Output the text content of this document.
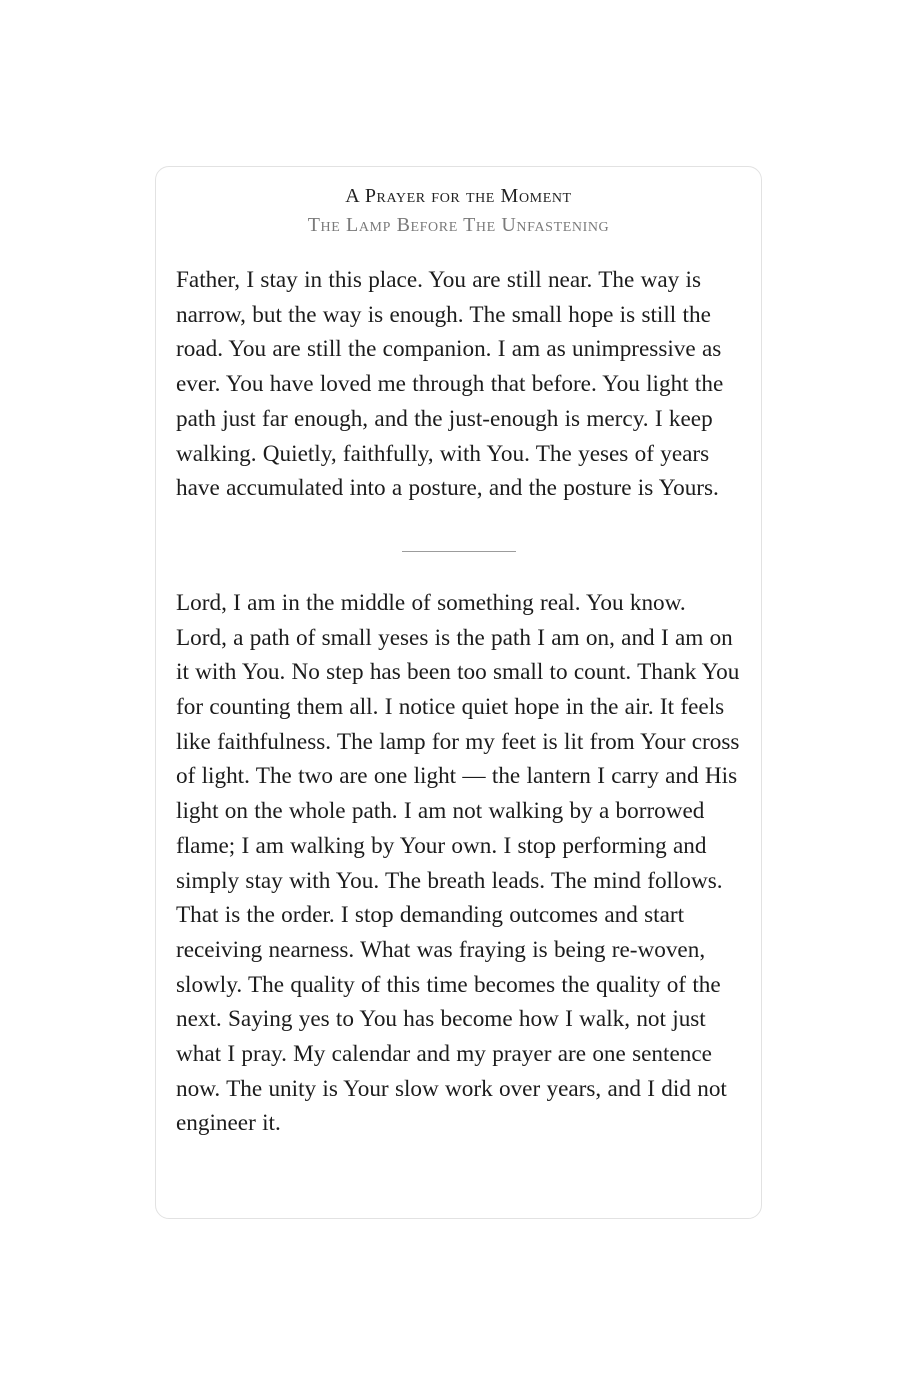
A Prayer for the Moment
The Lamp Before The Unfastening

Father, I stay in this place. You are still near. The way is narrow, but the way is enough. The small hope is still the road. You are still the companion. I am as unimpressive as ever. You have loved me through that before. You light the path just far enough, and the just-enough is mercy. I keep walking. Quietly, faithfully, with You. The yeses of years have accumulated into a posture, and the posture is Yours.

Lord, I am in the middle of something real. You know. Lord, a path of small yeses is the path I am on, and I am on it with You. No step has been too small to count. Thank You for counting them all. I notice quiet hope in the air. It feels like faithfulness. The lamp for my feet is lit from Your cross of light. The two are one light — the lantern I carry and His light on the whole path. I am not walking by a borrowed flame; I am walking by Your own. I stop performing and simply stay with You. The breath leads. The mind follows. That is the order. I stop demanding outcomes and start receiving nearness. What was fraying is being re-woven, slowly. The quality of this time becomes the quality of the next. Saying yes to You has become how I walk, not just what I pray. My calendar and my prayer are one sentence now. The unity is Your slow work over years, and I did not engineer it.
